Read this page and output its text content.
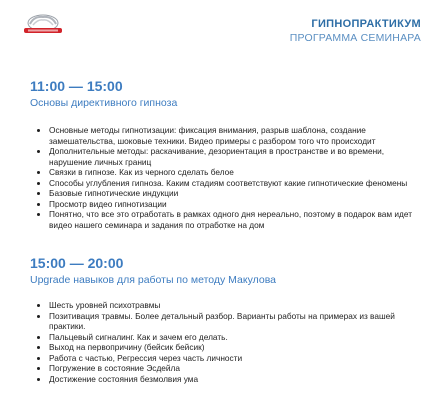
ГИПНОПРАКТИКУМ
ПРОГРАММА СЕМИНАРА
11:00 — 15:00
Основы директивного гипноза
• Основные методы гипнотизации: фиксация внимания, разрыв шаблона, создание замешательства, шоковые техники. Видео примеры с разбором того что происходит
• Дополнительные методы: раскачивание, дезориентация в пространстве и во времени, нарушение личных границ
• Связки в гипнозе. Как из черного сделать белое
• Способы углубления гипноза. Каким стадиям соответствуют какие гипнотические феномены
• Базовые гипнотические индукции
• Просмотр видео гипнотизации
• Понятно, что все это отработать в рамках одного дня нереально, поэтому в подарок вам идет видео нашего семинара и задания по отработке на дом
15:00 — 20:00
Upgrade навыков для работы по методу Макулова
• Шесть уровней психотравмы
• Позитивация травмы. Более детальный разбор. Варианты работы на примерах из вашей практики.
• Пальцевый сигналинг. Как и зачем его делать.
• Выход на первопричину (бейсик бейсик)
• Работа с частью, Регрессия через часть личности
• Погружение в состояние Эсдейла
• Достижение состояния безмолвия ума
